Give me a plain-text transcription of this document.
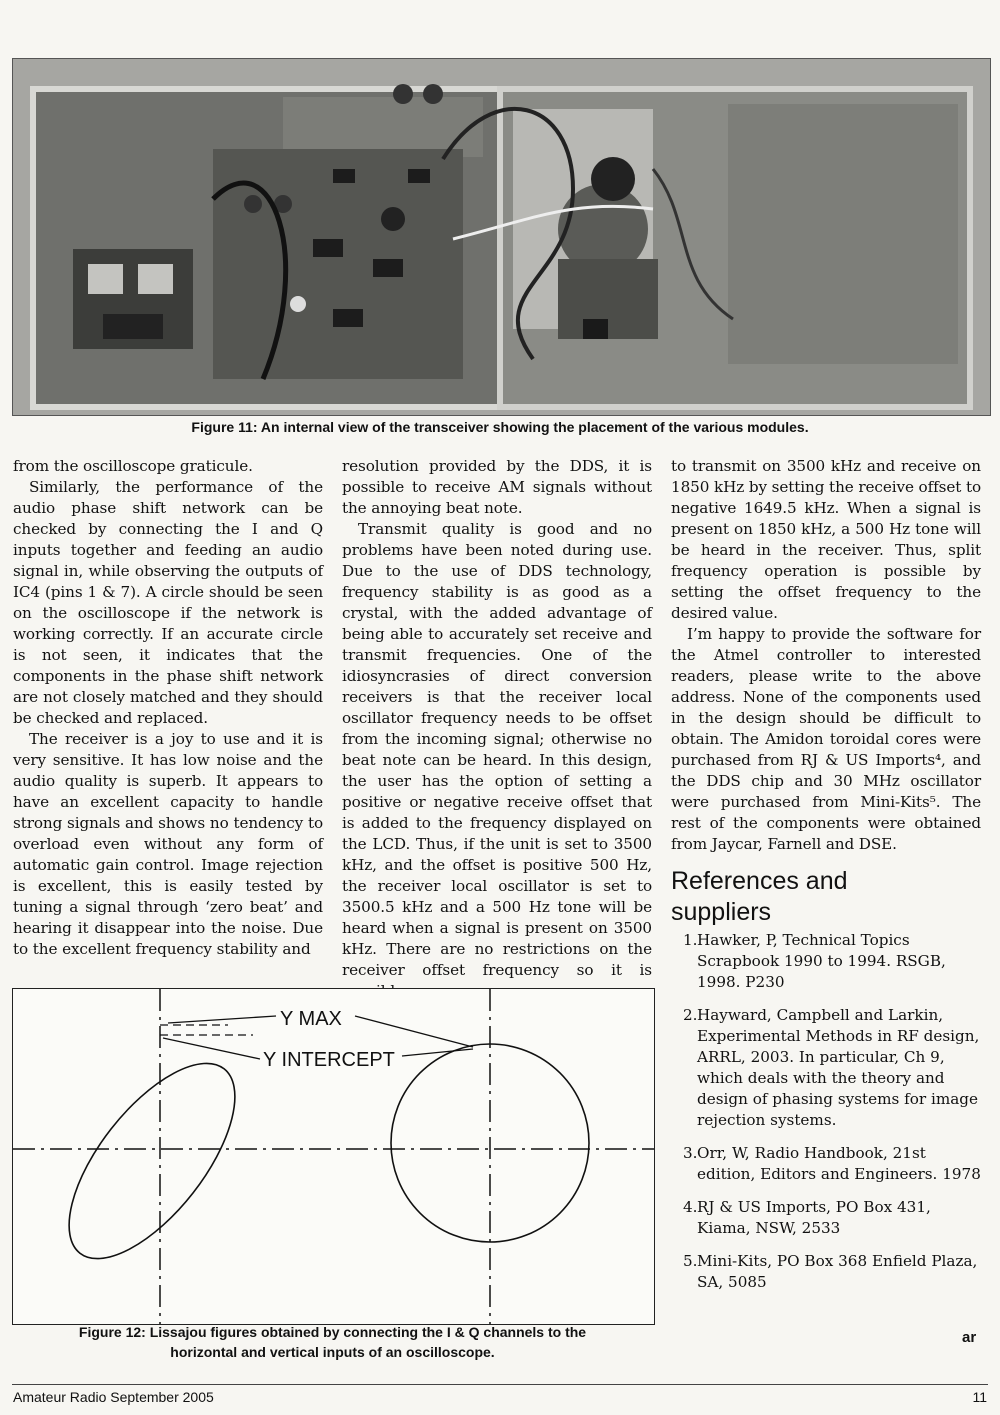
Figure 11: An internal view of the transceiver showing the placement of the various modules.

from the oscilloscope graticule.

Similarly, the performance of the audio phase shift network can be checked by connecting the I and Q inputs together and feeding an audio signal in, while observing the outputs of IC4 (pins 1 & 7). A circle should be seen on the oscilloscope if the network is working correctly. If an accurate circle is not seen, it indicates that the components in the phase shift network are not closely matched and they should be checked and replaced.

The receiver is a joy to use and it is very sensitive. It has low noise and the audio quality is superb. It appears to have an excellent capacity to handle strong signals and shows no tendency to overload even without any form of automatic gain control. Image rejection is excellent, this is easily tested by tuning a signal through ‘zero beat’ and hearing it disappear into the noise. Due to the excellent frequency stability and

resolution provided by the DDS, it is possible to receive AM signals without the annoying beat note.

Transmit quality is good and no problems have been noted during use. Due to the use of DDS technology, frequency stability is as good as a crystal, with the added advantage of being able to accurately set receive and transmit frequencies. One of the idiosyncrasies of direct conversion receivers is that the receiver local oscillator frequency needs to be offset from the incoming signal; otherwise no beat note can be heard. In this design, the user has the option of setting a positive or negative receive offset that is added to the frequency displayed on the LCD. Thus, if the unit is set to 3500 kHz, and the offset is positive 500 Hz, the receiver local oscillator is set to 3500.5 kHz and a 500 Hz tone will be heard when a signal is present on 3500 kHz. There are no restrictions on the receiver offset frequency so it is

to transmit on 3500 kHz and receive on 1850 kHz by setting the receive offset to negative 1649.5 kHz. When a signal is present on 1850 kHz, a 500 Hz tone will be heard in the receiver. Thus, split frequency operation is possible by setting the offset frequency to the desired value.

I’m happy to provide the software for the Atmel controller to interested readers, please write to the above address. None of the components used in the design should be difficult to obtain. The Amidon toroidal cores were purchased from RJ & US Imports⁴, and the DDS chip and 30 MHz oscillator were purchased from Mini-Kits⁵. The rest of the components were obtained from Jaycar, Farnell and DSE.

References and
suppliers
1. Hawker, P, Technical Topics Scrapbook 1990 to 1994. RSGB, 1998. P230
2. Hayward, Campbell and Larkin, Experimental Methods in RF design, ARRL, 2003. In particular, Ch 9, which deals with the theory and design of phasing systems for image rejection systems.
3. Orr, W, Radio Handbook, 21st edition, Editors and Engineers. 1978
4. RJ & US Imports, PO Box 431, Kiama, NSW, 2533
5. Mini-Kits, PO Box 368 Enfield Plaza, SA, 5085
Y MAX
Y INTERCEPT
Figure 12: Lissajou figures obtained by connecting the I & Q channels to the
horizontal and vertical inputs of an oscilloscope.
ar
Amateur Radio September 2005	11
